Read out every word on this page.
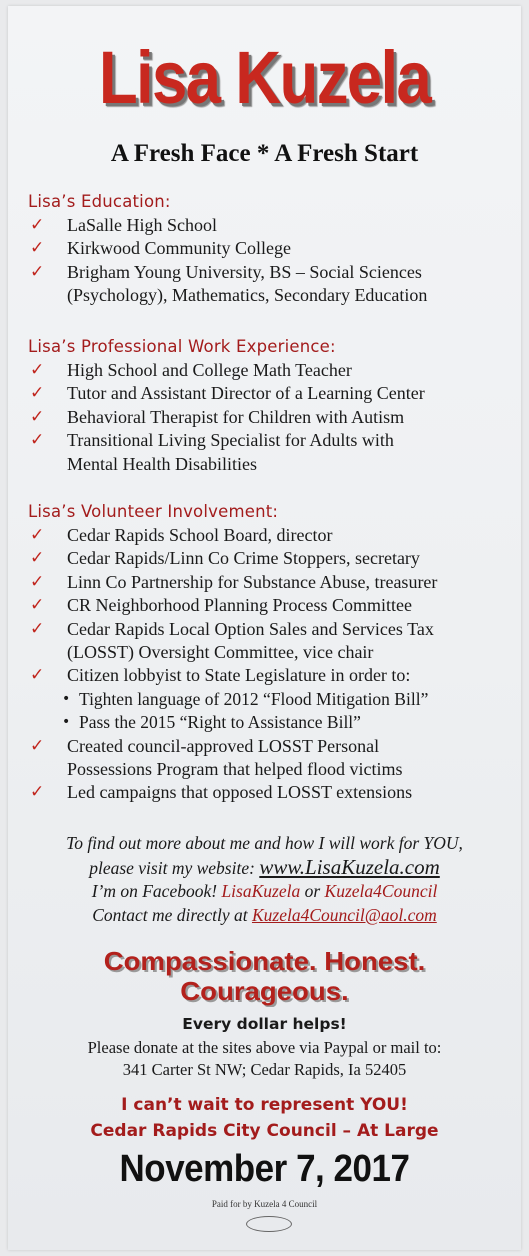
Lisa Kuzela
A Fresh Face * A Fresh Start
Lisa’s Education:
✓ LaSalle High School
✓ Kirkwood Community College
✓ Brigham Young University, BS – Social Sciences
(Psychology), Mathematics, Secondary Education
Lisa’s Professional Work Experience:
✓ High School and College Math Teacher
✓ Tutor and Assistant Director of a Learning Center
✓ Behavioral Therapist for Children with Autism
✓ Transitional Living Specialist for Adults with
Mental Health Disabilities
Lisa’s Volunteer Involvement:
✓ Cedar Rapids School Board, director
✓ Cedar Rapids/Linn Co Crime Stoppers, secretary
✓ Linn Co Partnership for Substance Abuse, treasurer
✓ CR Neighborhood Planning Process Committee
✓ Cedar Rapids Local Option Sales and Services Tax
(LOSST) Oversight Committee, vice chair
✓ Citizen lobbyist to State Legislature in order to:
• Tighten language of 2012 “Flood Mitigation Bill”
• Pass the 2015 “Right to Assistance Bill”
✓ Created council-approved LOSST Personal
Possessions Program that helped flood victims
✓ Led campaigns that opposed LOSST extensions
To find out more about me and how I will work for YOU,
please visit my website: www.LisaKuzela.com
I’m on Facebook! LisaKuzela or Kuzela4Council
Contact me directly at Kuzela4Council@aol.com
Compassionate. Honest.
Courageous.
Every dollar helps!
Please donate at the sites above via Paypal or mail to:
341 Carter St NW; Cedar Rapids, Ia 52405
I can’t wait to represent YOU!
Cedar Rapids City Council – At Large
November 7, 2017
Paid for by Kuzela 4 Council
